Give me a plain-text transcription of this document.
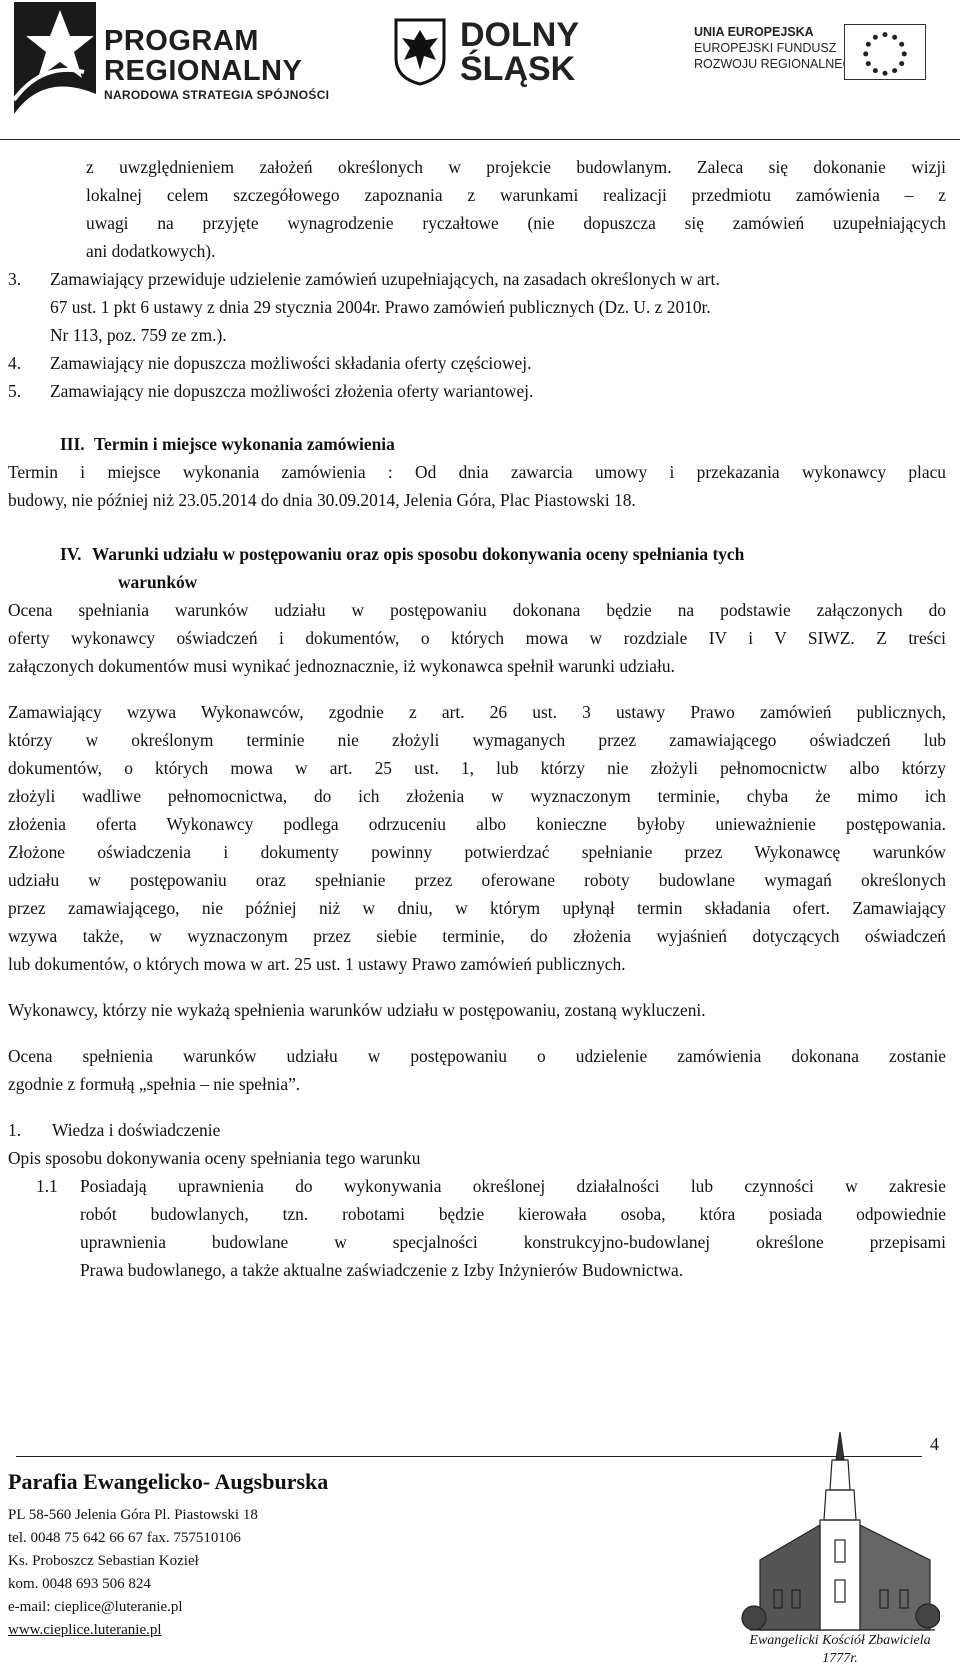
PROGRAM
REGIONALNY
NARODOWA STRATEGIA SPÓJNOŚCI
DOLNY
ŚLĄSK
UNIA EUROPEJSKA
EUROPEJSKI FUNDUSZ
ROZWOJU REGIONALNEGO
z uwzględnieniem założeń określonych w projekcie budowlanym. Zaleca się dokonanie wizji
lokalnej celem szczegółowego zapoznania z warunkami realizacji przedmiotu zamówienia – z
uwagi na przyjęte wynagrodzenie ryczałtowe (nie dopuszcza się zamówień uzupełniających
ani dodatkowych).
3. Zamawiający przewiduje udzielenie zamówień uzupełniających, na zasadach określonych w art.
67 ust. 1 pkt 6 ustawy z dnia 29 stycznia 2004r. Prawo zamówień publicznych (Dz. U. z 2010r.
Nr 113, poz. 759 ze zm.).
4. Zamawiający nie dopuszcza możliwości składania oferty częściowej.
5. Zamawiający nie dopuszcza możliwości złożenia oferty wariantowej.
III. Termin i miejsce wykonania zamówienia
Termin i miejsce wykonania zamówienia : Od dnia zawarcia umowy i przekazania wykonawcy placu
budowy, nie później niż 23.05.2014 do dnia 30.09.2014, Jelenia Góra, Plac Piastowski 18.
IV. Warunki udziału w postępowaniu oraz opis sposobu dokonywania oceny spełniania tych
warunków
Ocena spełniania warunków udziału w postępowaniu dokonana będzie na podstawie załączonych do
oferty wykonawcy oświadczeń i dokumentów, o których mowa w rozdziale IV i V SIWZ. Z treści
załączonych dokumentów musi wynikać jednoznacznie, iż wykonawca spełnił warunki udziału.
Zamawiający wzywa Wykonawców, zgodnie z art. 26 ust. 3 ustawy Prawo zamówień publicznych,
którzy w określonym terminie nie złożyli wymaganych przez zamawiającego oświadczeń lub
dokumentów, o których mowa w art. 25 ust. 1, lub którzy nie złożyli pełnomocnictw albo którzy
złożyli wadliwe pełnomocnictwa, do ich złożenia w wyznaczonym terminie, chyba że mimo ich
złożenia oferta Wykonawcy podlega odrzuceniu albo konieczne byłoby unieważnienie postępowania.
Złożone oświadczenia i dokumenty powinny potwierdzać spełnianie przez Wykonawcę warunków
udziału w postępowaniu oraz spełnianie przez oferowane roboty budowlane wymagań określonych
przez zamawiającego, nie później niż w dniu, w którym upłynął termin składania ofert. Zamawiający
wzywa także, w wyznaczonym przez siebie terminie, do złożenia wyjaśnień dotyczących oświadczeń
lub dokumentów, o których mowa w art. 25 ust. 1 ustawy Prawo zamówień publicznych.
Wykonawcy, którzy nie wykażą spełnienia warunków udziału w postępowaniu, zostaną wykluczeni.
Ocena spełnienia warunków udziału w postępowaniu o udzielenie zamówienia dokonana zostanie
zgodnie z formułą „spełnia – nie spełnia”.
1. Wiedza i doświadczenie
Opis sposobu dokonywania oceny spełniania tego warunku
1.1 Posiadają uprawnienia do wykonywania określonej działalności lub czynności w zakresie
robót budowlanych, tzn. robotami będzie kierowała osoba, która posiada odpowiednie
uprawnienia budowlane w specjalności konstrukcyjno-budowlanej określone przepisami
Prawa budowlanego, a także aktualne zaświadczenie z Izby Inżynierów Budownictwa.
4
Parafia Ewangelicko- Augsburska
PL 58-560 Jelenia Góra Pl. Piastowski 18
tel. 0048 75 642 66 67 fax. 757510106
Ks. Proboszcz Sebastian Kozieł
kom. 0048 693 506 824
e-mail: cieplice@luteranie.pl
www.cieplice.luteranie.pl
Ewangelicki Kościół Zbawiciela
1777r.
